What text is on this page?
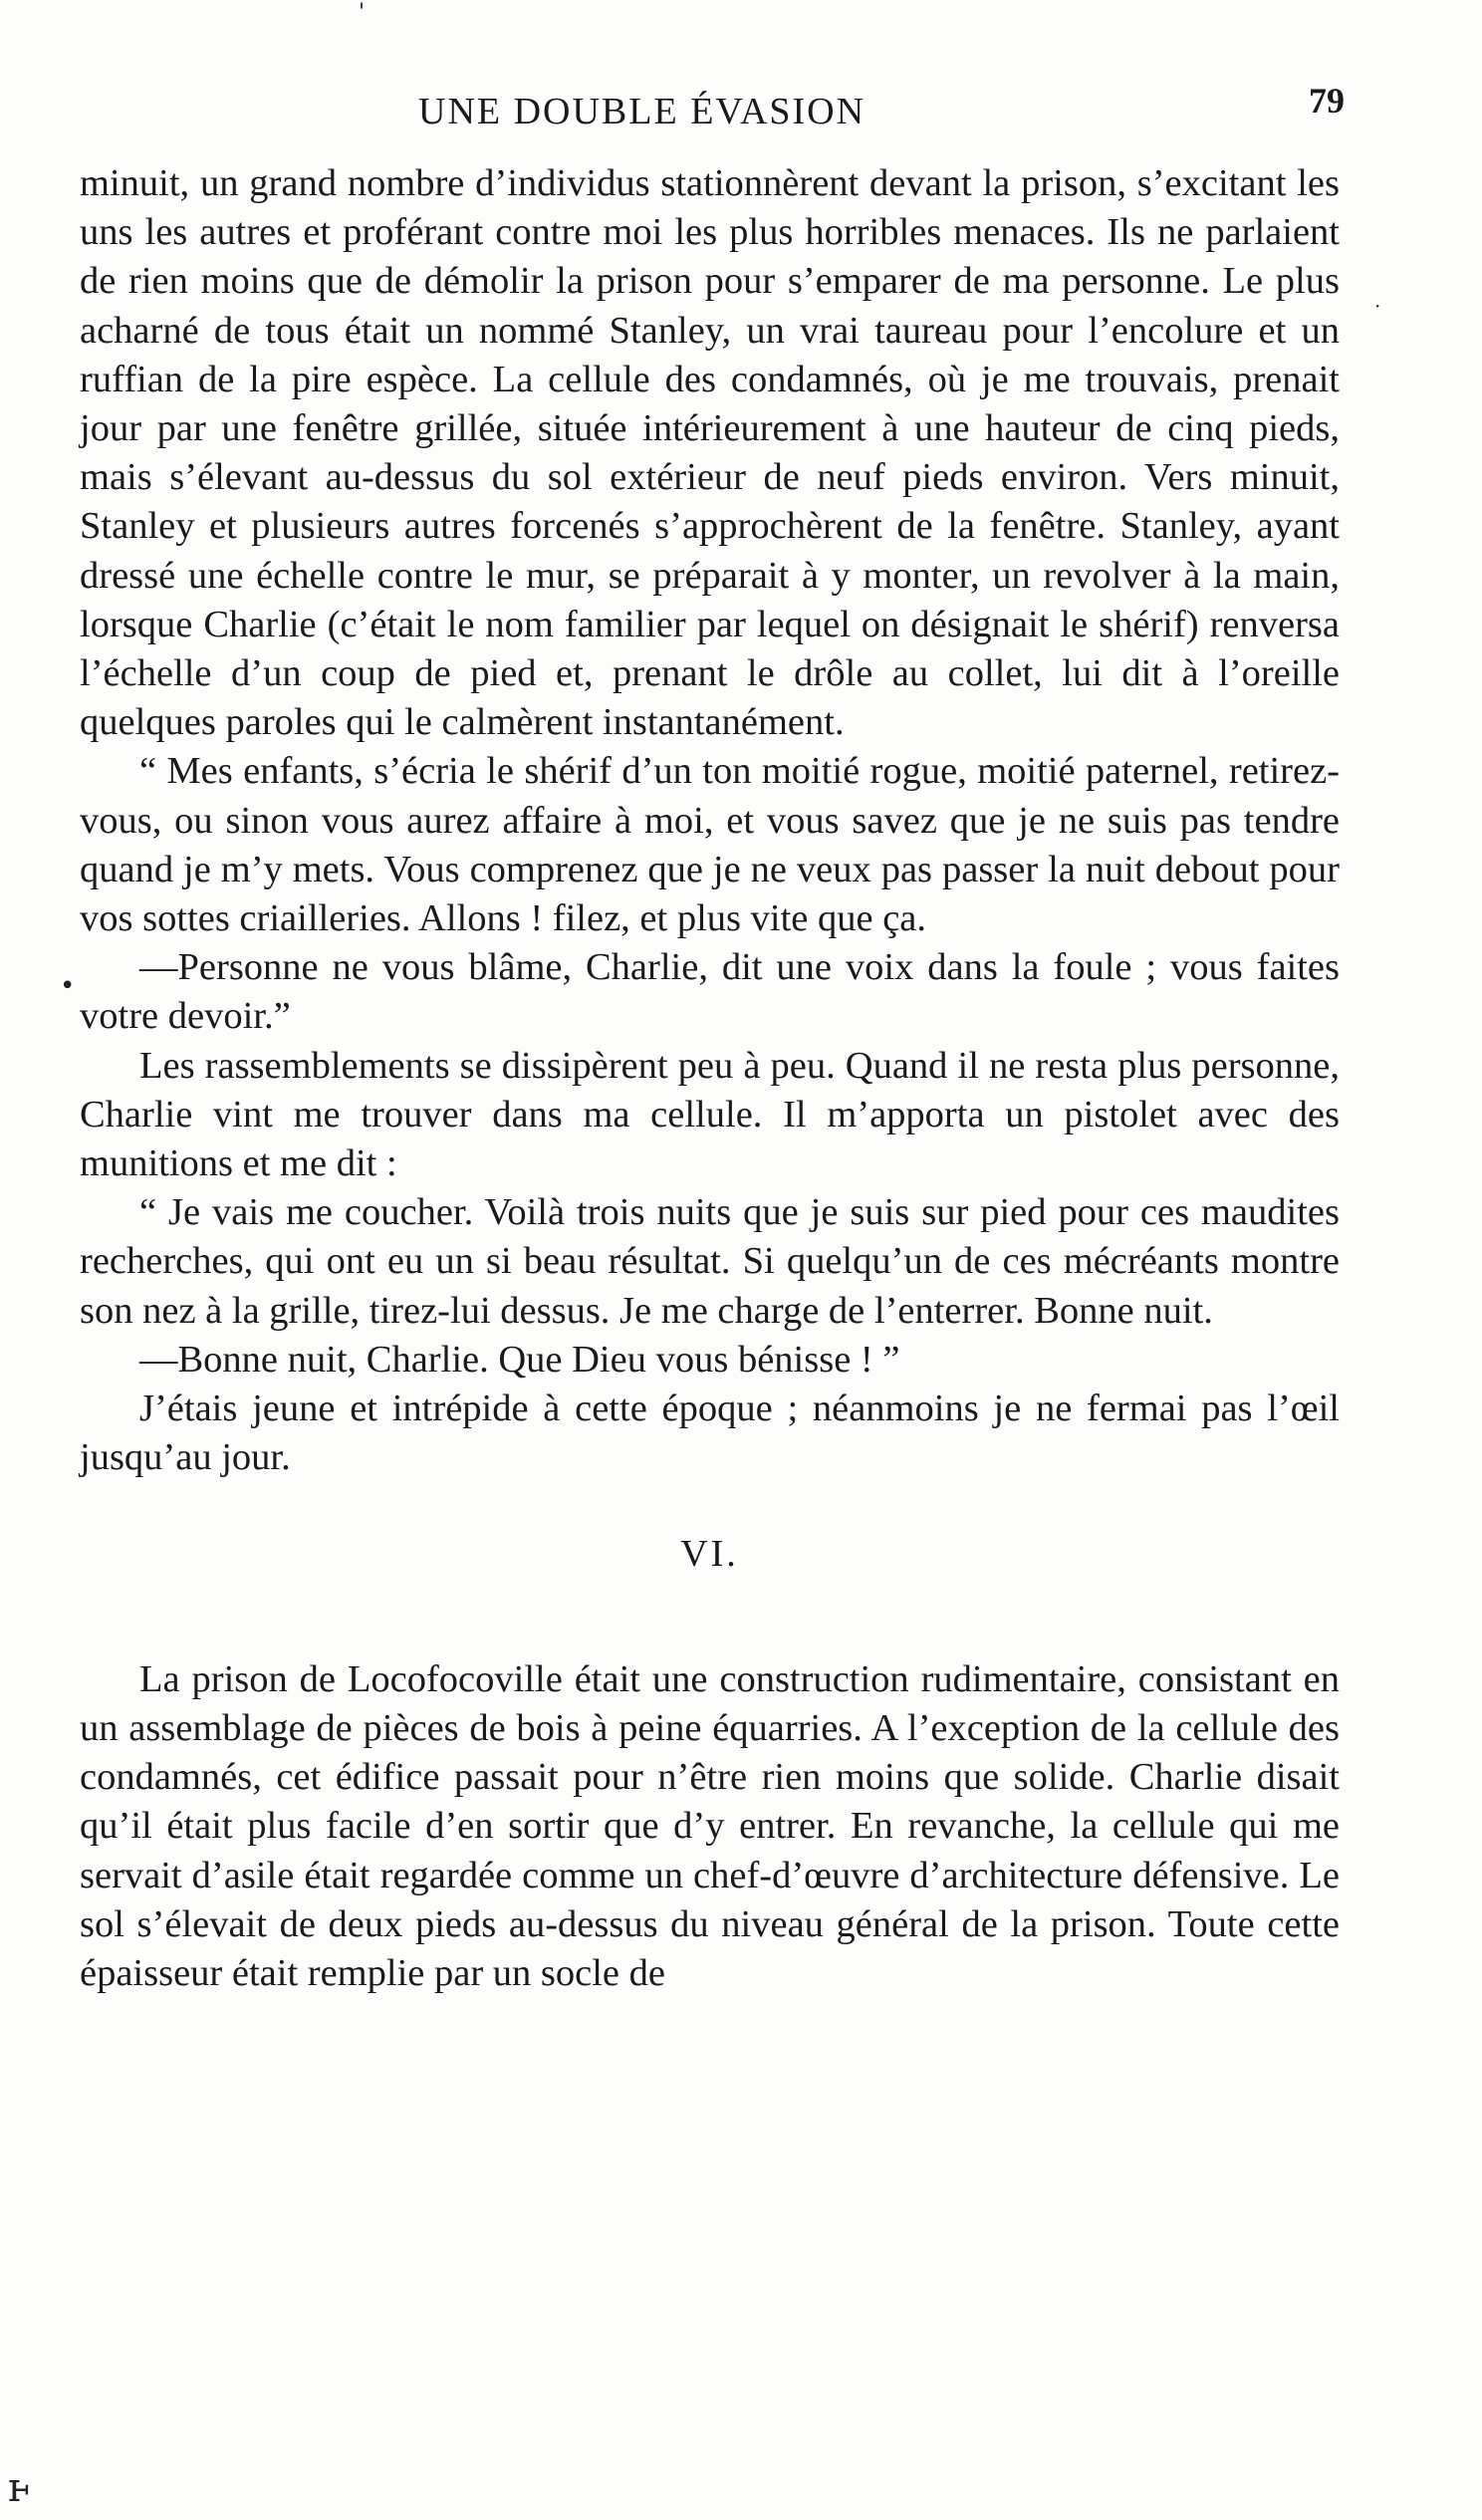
'
•
·
ⱶ
UNE DOUBLE ÉVASION	79

minuit, un grand nombre d’individus stationnèrent devant la prison, s’excitant les uns les autres et proférant contre moi les plus horribles menaces. Ils ne parlaient de rien moins que de démolir la prison pour s’emparer de ma personne. Le plus acharné de tous était un nommé Stanley, un vrai taureau pour l’encolure et un ruffian de la pire espèce. La cellule des condamnés, où je me trouvais, prenait jour par une fenêtre grillée, située intérieurement à une hauteur de cinq pieds, mais s’élevant au-dessus du sol extérieur de neuf pieds environ. Vers minuit, Stanley et plusieurs autres forcenés s’approchèrent de la fenêtre. Stanley, ayant dressé une échelle contre le mur, se préparait à y monter, un revolver à la main, lorsque Charlie (c’était le nom familier par lequel on désignait le shérif) renversa l’échelle d’un coup de pied et, prenant le drôle au collet, lui dit à l’oreille quelques paroles qui le calmèrent instantanément.

“ Mes enfants, s’écria le shérif d’un ton moitié rogue, moitié paternel, retirez-vous, ou sinon vous aurez affaire à moi, et vous savez que je ne suis pas tendre quand je m’y mets. Vous comprenez que je ne veux pas passer la nuit debout pour vos sottes criailleries. Allons ! filez, et plus vite que ça.

—Personne ne vous blâme, Charlie, dit une voix dans la foule ; vous faites votre devoir.”

Les rassemblements se dissipèrent peu à peu. Quand il ne resta plus personne, Charlie vint me trouver dans ma cellule. Il m’apporta un pistolet avec des munitions et me dit :

“ Je vais me coucher. Voilà trois nuits que je suis sur pied pour ces maudites recherches, qui ont eu un si beau résultat. Si quelqu’un de ces mécréants montre son nez à la grille, tirez-lui dessus. Je me charge de l’enterrer. Bonne nuit.

—Bonne nuit, Charlie. Que Dieu vous bénisse ! ”

J’étais jeune et intrépide à cette époque ; néanmoins je ne fermai pas l’œil jusqu’au jour.

VI.

La prison de Locofocoville était une construction rudimentaire, consistant en un assemblage de pièces de bois à peine équarries. A l’exception de la cellule des condamnés, cet édifice passait pour n’être rien moins que solide. Charlie disait qu’il était plus facile d’en sortir que d’y entrer. En revanche, la cellule qui me servait d’asile était regardée comme un chef-d’œuvre d’architecture défensive. Le sol s’élevait de deux pieds au-dessus du niveau général de la prison. Toute cette épaisseur était remplie par un socle de
